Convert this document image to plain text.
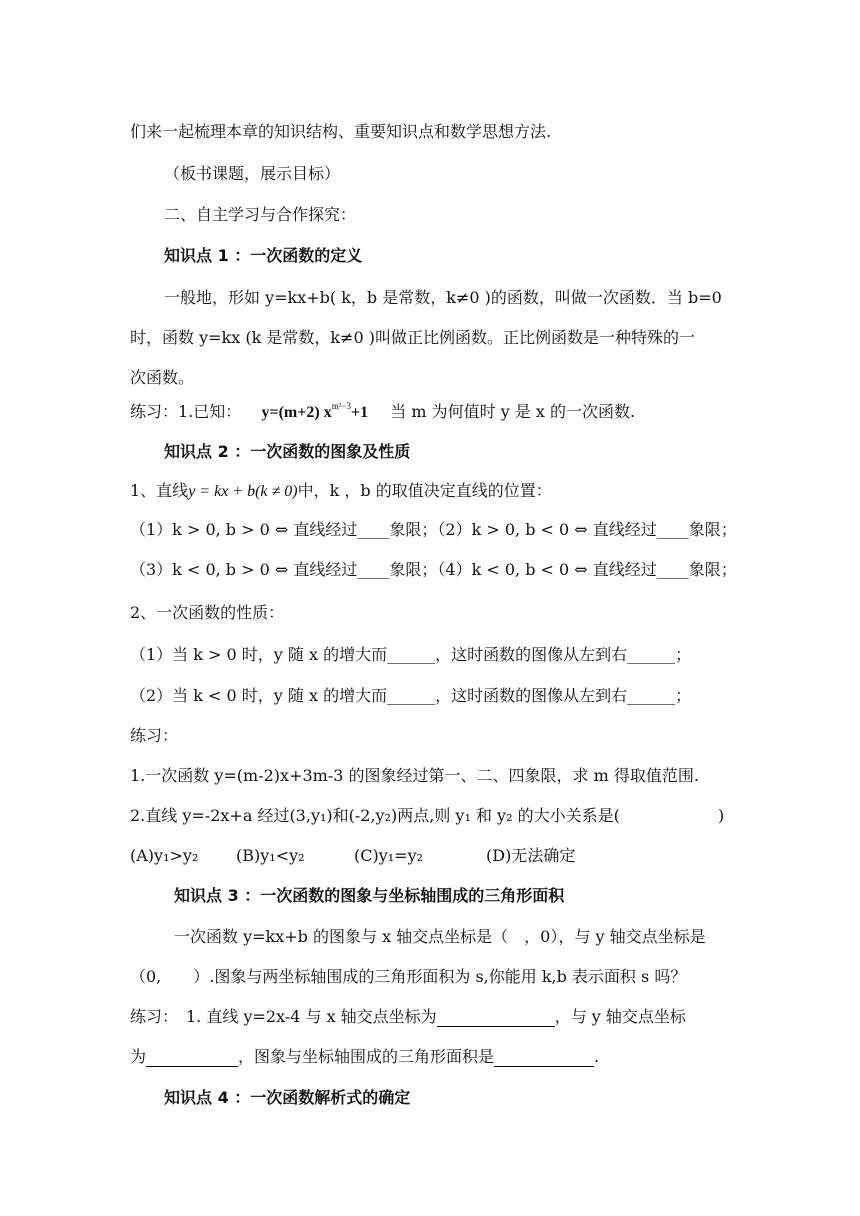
们来一起梳理本章的知识结构、重要知识点和数学思想方法.
（板书课题，展示目标）
二、自主学习与合作探究：
知识点 1 ：一次函数的定义
一般地，形如 y=kx+b( k，b 是常数，k≠0 )的函数，叫做一次函数．当 b=0
时，函数 y=kx (k 是常数，k≠0 )叫做正比例函数。正比例函数是一种特殊的一
次函数。
练习：1.已知： y=(m+2) $x^{m^2-3}+1$ 当 m 为何值时 y 是 x 的一次函数.
知识点 2 ：一次函数的图象及性质
1、直线y = kx + b(k ≠ 0)中，k ，b 的取值决定直线的位置：
（1）k > 0, b > 0 ⇔ 直线经过____象限；（2）k > 0, b < 0 ⇔ 直线经过____象限；
（3）k < 0, b > 0 ⇔ 直线经过____象限；（4）k < 0, b < 0 ⇔ 直线经过____象限；
2、一次函数的性质：
（1）当 k > 0 时，y 随 x 的增大而______，这时函数的图像从左到右______；
（2）当 k < 0 时，y 随 x 的增大而______，这时函数的图像从左到右______；
练习：
1.一次函数 y=(m-2)x+3m-3 的图象经过第一、二、四象限，求 m 得取值范围.
2.直线 y=-2x+a 经过(3,y₁)和(-2,y₂)两点,则 y₁ 和 y₂ 的大小关系是(	)
(A)y₁>y₂ (B)y₁<y₂	(C)y₁=y₂	(D)无法确定
知识点 3 ：一次函数的图象与坐标轴围成的三角形面积
一次函数 y=kx+b 的图象与 x 轴交点坐标是（　，0），与 y 轴交点坐标是
（0,　　）.图象与两坐标轴围成的三角形面积为 s,你能用 k,b 表示面积 s 吗？
练习：　1. 直线 y=2x-4 与 x 轴交点坐标为	，与 y 轴交点坐标
为	，图象与坐标轴围成的三角形面积是	.
知识点 4 ：一次函数解析式的确定
